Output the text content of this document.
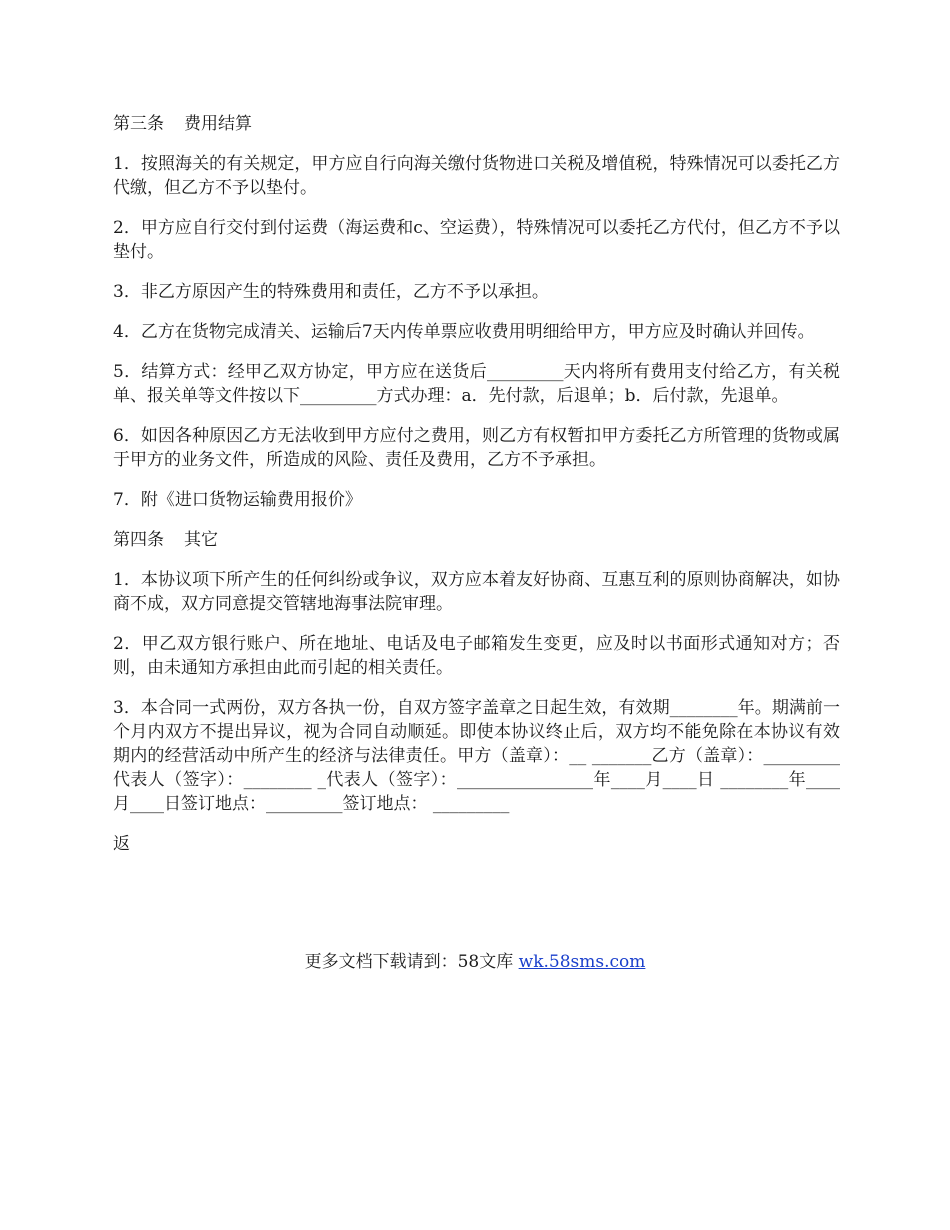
第三条 费用结算

1．按照海关的有关规定，甲方应自行向海关缴付货物进口关税及增值税，特殊情况可以委托乙方代缴，但乙方不予以垫付。

2．甲方应自行交付到付运费（海运费和c、空运费），特殊情况可以委托乙方代付，但乙方不予以垫付。

3．非乙方原因产生的特殊费用和责任，乙方不予以承担。

4．乙方在货物完成清关、运输后7天内传单票应收费用明细给甲方，甲方应及时确认并回传。

5．结算方式：经甲乙双方协定，甲方应在送货后_________天内将所有费用支付给乙方，有关税单、报关单等文件按以下_________方式办理：a．先付款，后退单；b．后付款，先退单。

6．如因各种原因乙方无法收到甲方应付之费用，则乙方有权暂扣甲方委托乙方所管理的货物或属于甲方的业务文件，所造成的风险、责任及费用，乙方不予承担。

7．附《进口货物运输费用报价》

第四条 其它

1．本协议项下所产生的任何纠纷或争议，双方应本着友好协商、互惠互利的原则协商解决，如协商不成，双方同意提交管辖地海事法院审理。

2．甲乙双方银行账户、所在地址、电话及电子邮箱发生变更，应及时以书面形式通知对方；否则，由未通知方承担由此而引起的相关责任。

3．本合同一式两份，双方各执一份，自双方签字盖章之日起生效，有效期________年。期满前一个月内双方不提出异议，视为合同自动顺延。即使本协议终止后，双方均不能免除在本协议有效期内的经营活动中所产生的经济与法律责任。甲方（盖章）：__ _______乙方（盖章）：_________代表人（签字）：________ _代表人（签字）：________________年____月____日 ________年____月____日签订地点：_________签订地点： _________

返

更多文档下载请到：58文库 wk.58sms.com
